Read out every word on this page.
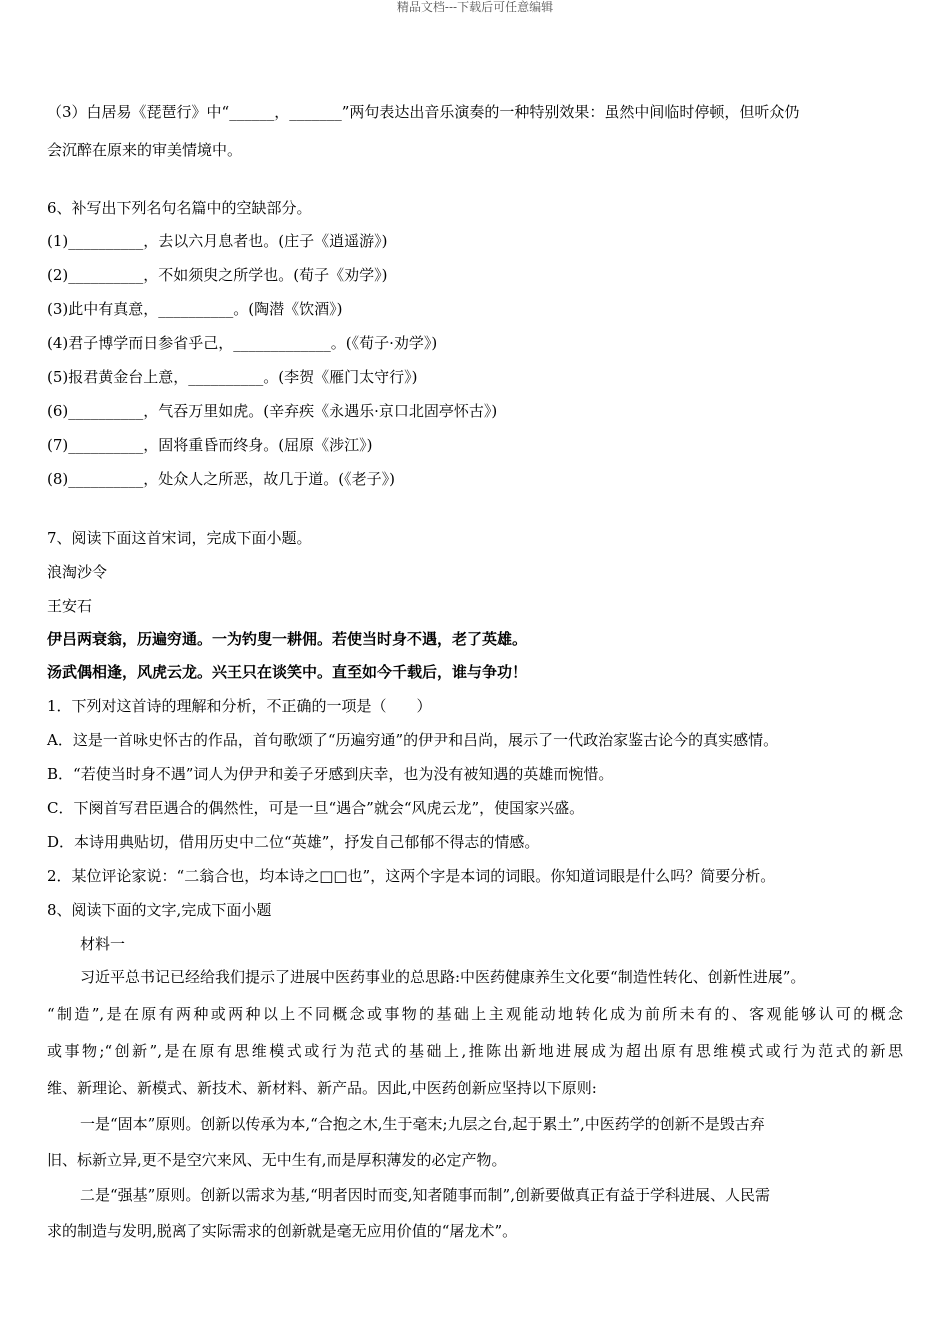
精品文档---下载后可任意编辑
（3）白居易《琵琶行》中“______，_______”两句表达出音乐演奏的一种特别效果：虽然中间临时停顿，但听众仍
会沉醉在原来的审美情境中。
6、补写出下列名句名篇中的空缺部分。
(1)__________，去以六月息者也。(庄子《逍遥游》)
(2)__________，不如须臾之所学也。(荀子《劝学》)
(3)此中有真意，__________。(陶潜《饮酒》)
(4)君子博学而日参省乎己，_____________。(《荀子·劝学》)
(5)报君黄金台上意，__________。(李贺《雁门太守行》)
(6)__________，气吞万里如虎。(辛弃疾《永遇乐·京口北固亭怀古》)
(7)__________，固将重昏而终身。(屈原《涉江》)
(8)__________，处众人之所恶，故几于道。(《老子》)
7、阅读下面这首宋词，完成下面小题。
浪淘沙令
王安石
伊吕两衰翁，历遍穷通。一为钓叟一耕佣。若使当时身不遇，老了英雄。
汤武偶相逢，风虎云龙。兴王只在谈笑中。直至如今千载后，谁与争功！
1．下列对这首诗的理解和分析，不正确的一项是（　　）
A．这是一首咏史怀古的作品，首句歌颂了“历遍穷通”的伊尹和吕尚，展示了一代政治家鉴古论今的真实感情。
B．“若使当时身不遇”词人为伊尹和姜子牙感到庆幸，也为没有被知遇的英雄而惋惜。
C．下阕首写君臣遇合的偶然性，可是一旦“遇合”就会“风虎云龙”，使国家兴盛。
D．本诗用典贴切，借用历史中二位“英雄”，抒发自己郁郁不得志的情感。
2．某位评论家说：“二翁合也，均本诗之□□也”，这两个字是本词的词眼。你知道词眼是什么吗？简要分析。
8、阅读下面的文字,完成下面小题
材料一
习近平总书记已经给我们提示了进展中医药事业的总思路:中医药健康养生文化要“制造性转化、创新性进展”。
“制造”,是在原有两种或两种以上不同概念或事物的基础上主观能动地转化成为前所未有的、客观能够认可的概念
或事物;“创新”,是在原有思维模式或行为范式的基础上,推陈出新地进展成为超出原有思维模式或行为范式的新思
维、新理论、新模式、新技术、新材料、新产品。因此,中医药创新应坚持以下原则:
一是“固本”原则。创新以传承为本,“合抱之木,生于毫末;九层之台,起于累土”,中医药学的创新不是毁古弃
旧、标新立异,更不是空穴来风、无中生有,而是厚积薄发的必定产物。
二是“强基”原则。创新以需求为基,“明者因时而变,知者随事而制”,创新要做真正有益于学科进展、人民需
求的制造与发明,脱离了实际需求的创新就是毫无应用价值的“屠龙术”。
